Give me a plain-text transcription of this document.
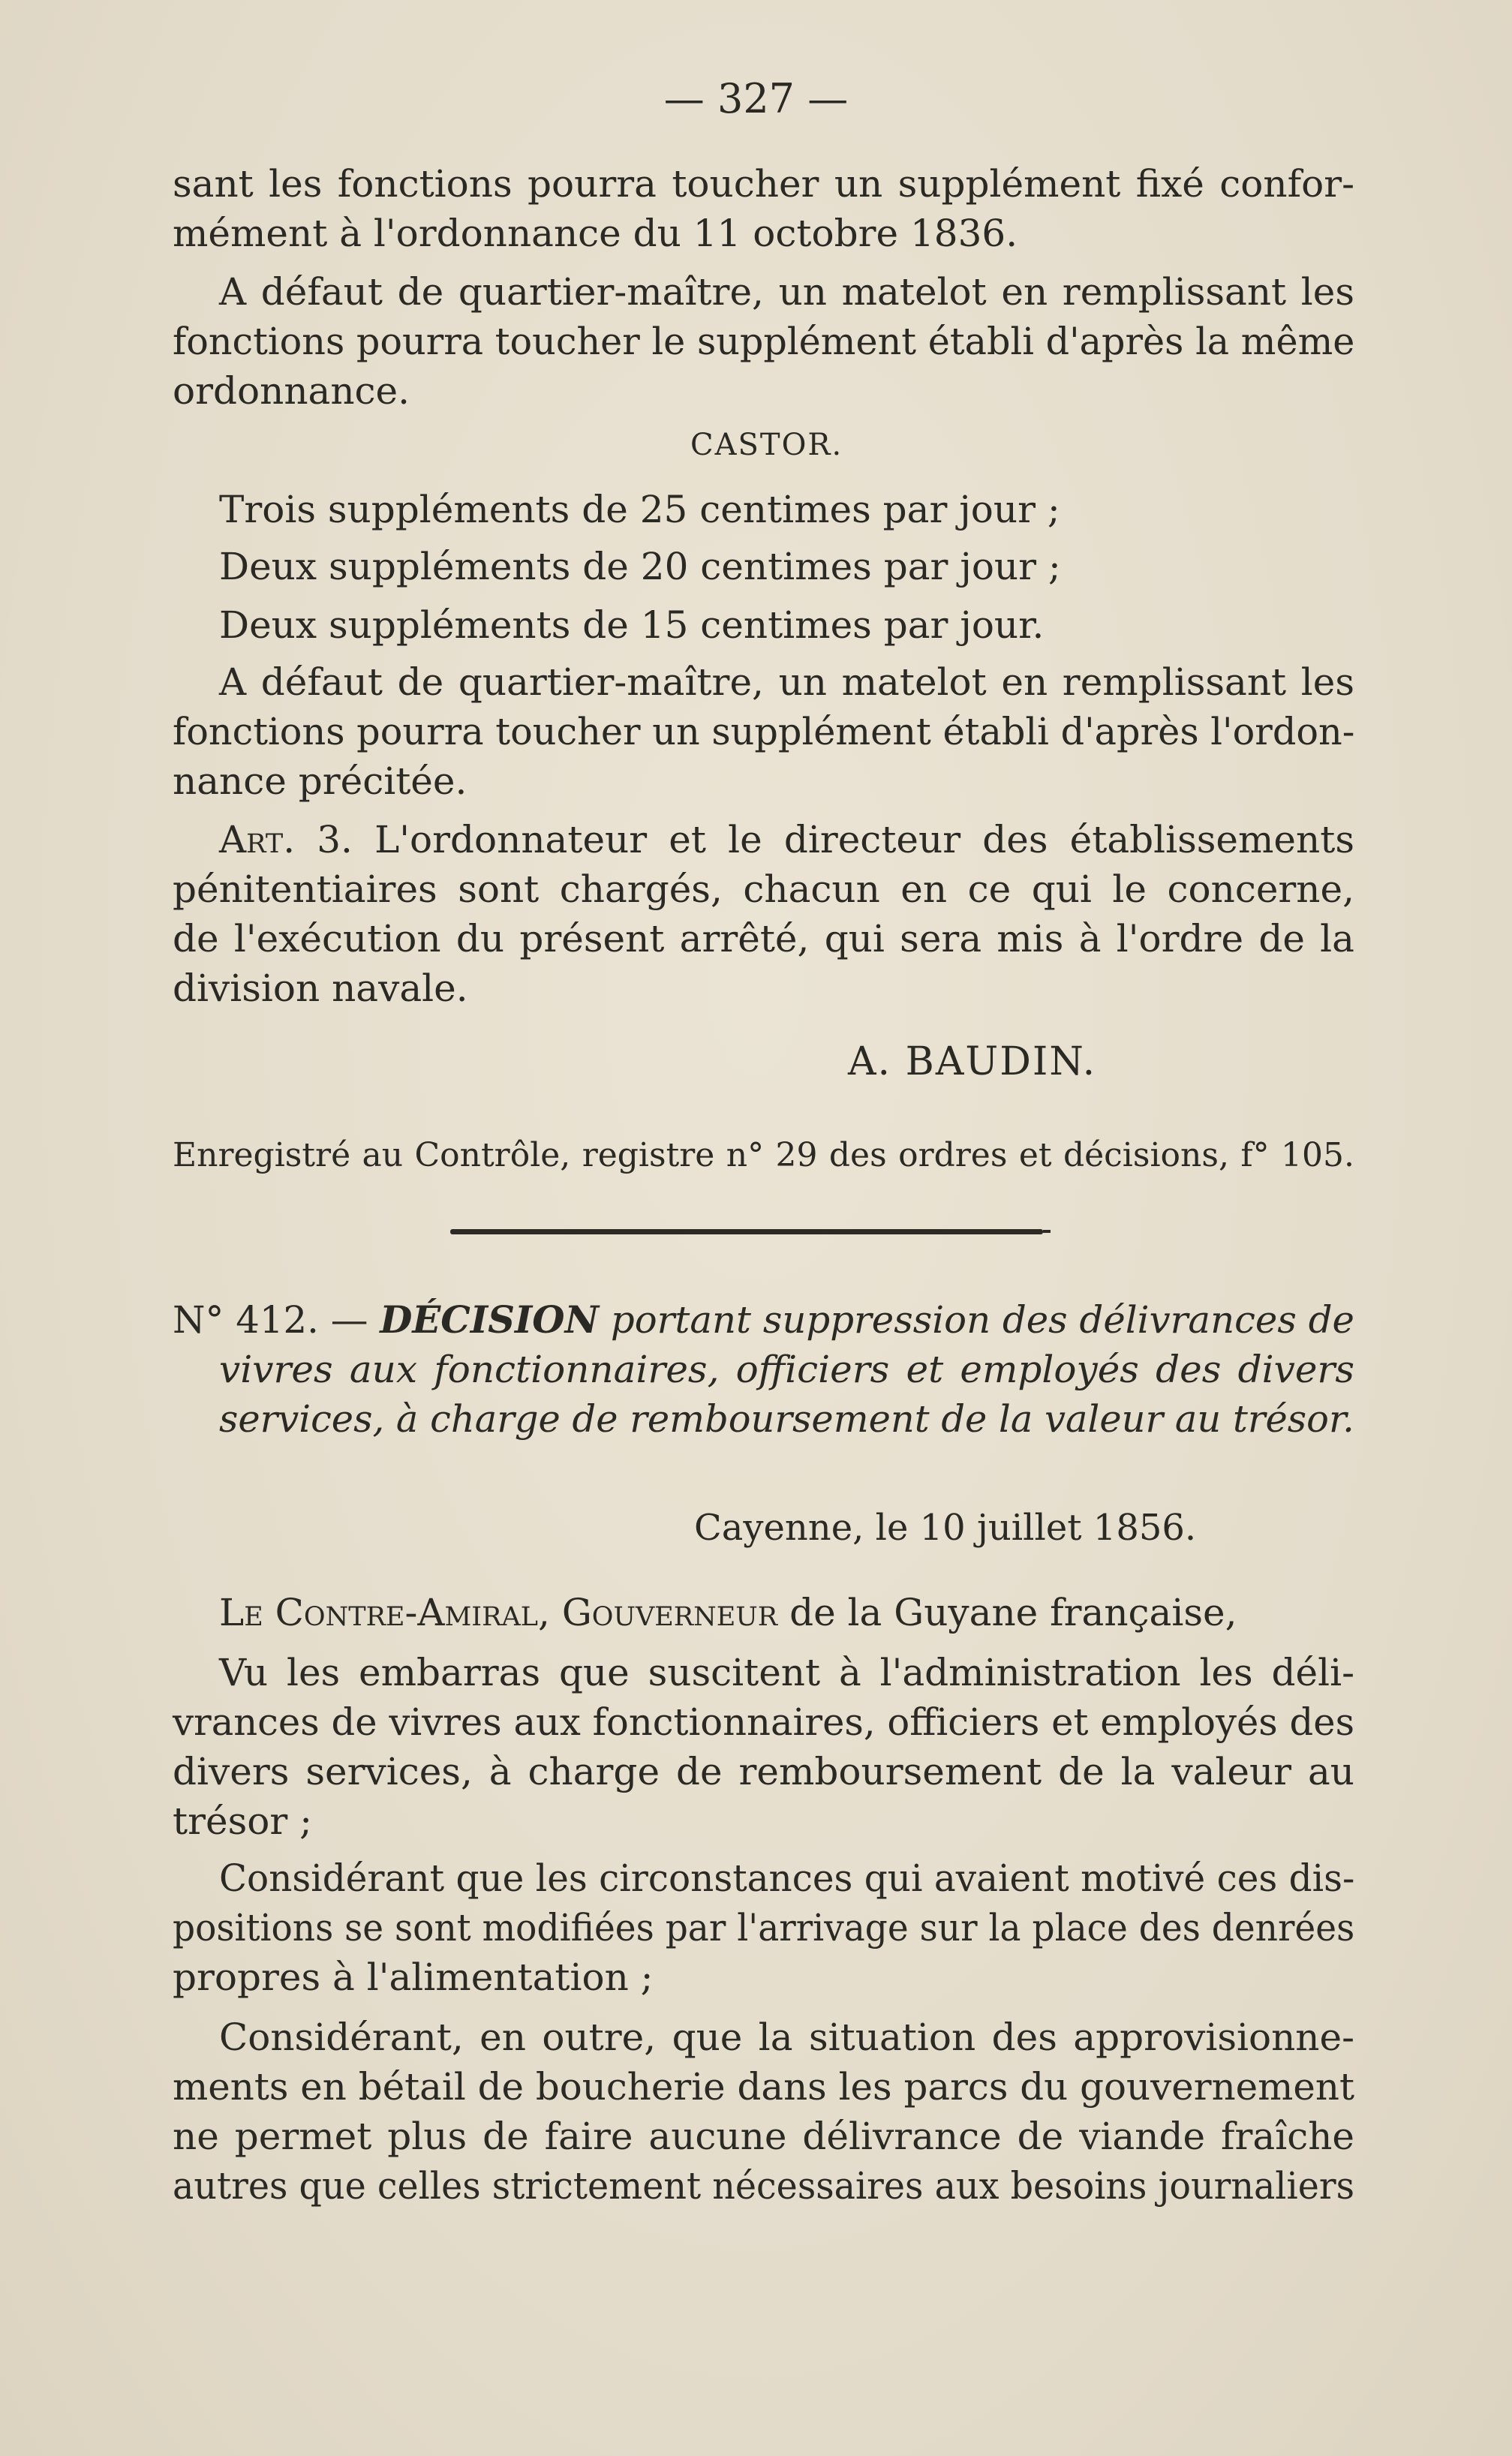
— 327 —
sant les fonctions pourra toucher un supplément fixé confor-
mément à l'ordonnance du 11 octobre 1836.
A défaut de quartier-maître, un matelot en remplissant les
fonctions pourra toucher le supplément établi d'après la même
ordonnance.
CASTOR.
Trois suppléments de 25 centimes par jour ;
Deux suppléments de 20 centimes par jour ;
Deux suppléments de 15 centimes par jour.
A défaut de quartier-maître, un matelot en remplissant les
fonctions pourra toucher un supplément établi d'après l'ordon-
nance précitée.
Art. 3. L'ordonnateur et le directeur des établissements
pénitentiaires sont chargés, chacun en ce qui le concerne,
de l'exécution du présent arrêté, qui sera mis à l'ordre de la
division navale.
A. BAUDIN.
Enregistré au Contrôle, registre n° 29 des ordres et décisions, f° 105.
N° 412. — DÉCISION portant suppression des délivrances de
vivres aux fonctionnaires, officiers et employés des divers
services, à charge de remboursement de la valeur au trésor.
Cayenne, le 10 juillet 1856.
Le Contre-Amiral, Gouverneur de la Guyane française,
Vu les embarras que suscitent à l'administration les déli-
vrances de vivres aux fonctionnaires, officiers et employés des
divers services, à charge de remboursement de la valeur au
trésor ;
Considérant que les circonstances qui avaient motivé ces dis-
positions se sont modifiées par l'arrivage sur la place des denrées
propres à l'alimentation ;
Considérant, en outre, que la situation des approvisionne-
ments en bétail de boucherie dans les parcs du gouvernement
ne permet plus de faire aucune délivrance de viande fraîche
autres que celles strictement nécessaires aux besoins journaliers
